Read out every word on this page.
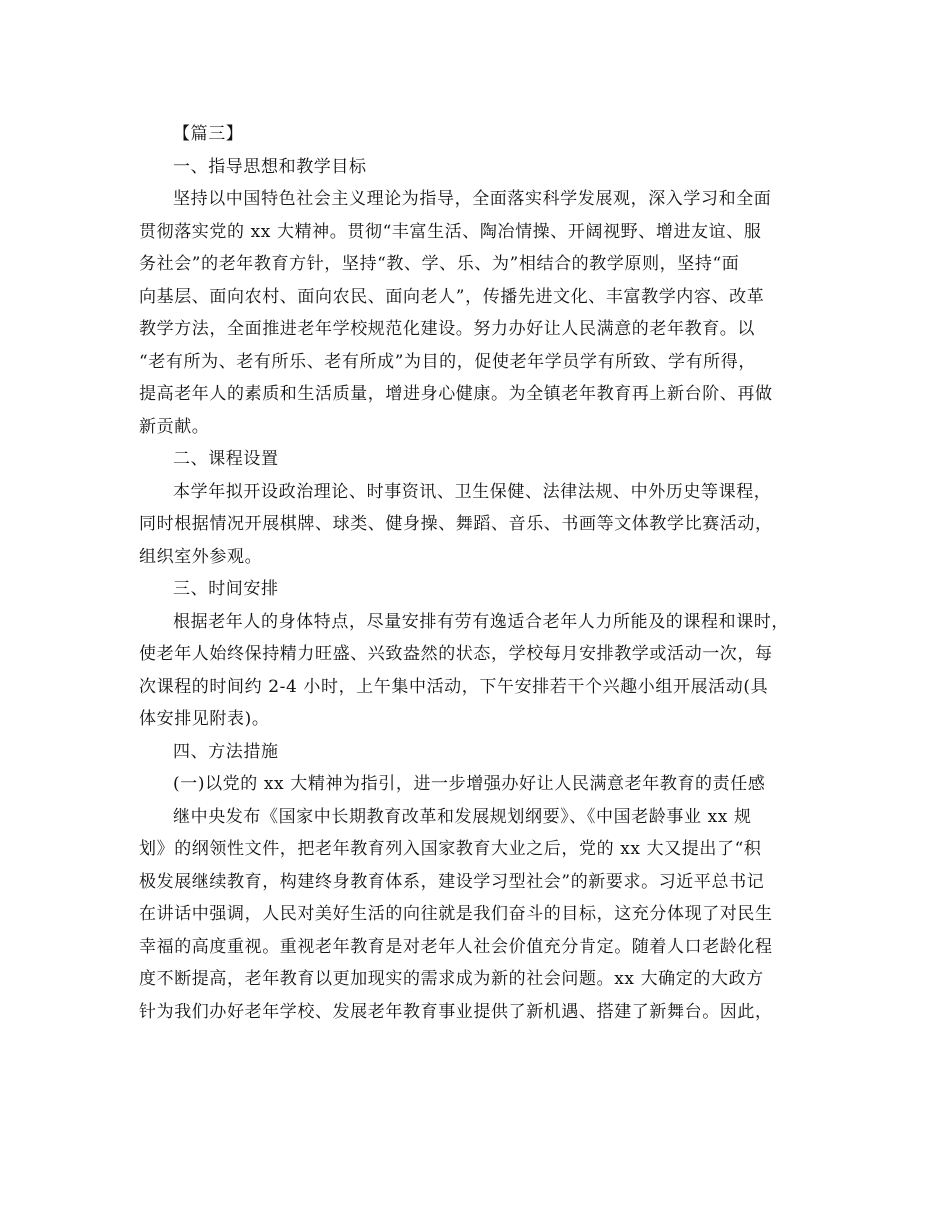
【篇三】
一、指导思想和教学目标
坚持以中国特色社会主义理论为指导，全面落实科学发展观，深入学习和全面
贯彻落实党的 xx 大精神。贯彻“丰富生活、陶冶情操、开阔视野、增进友谊、服
务社会”的老年教育方针，坚持“教、学、乐、为”相结合的教学原则，坚持“面
向基层、面向农村、面向农民、面向老人”，传播先进文化、丰富教学内容、改革
教学方法，全面推进老年学校规范化建设。努力办好让人民满意的老年教育。以
“老有所为、老有所乐、老有所成”为目的，促使老年学员学有所致、学有所得，
提高老年人的素质和生活质量，增进身心健康。为全镇老年教育再上新台阶、再做
新贡献。
二、课程设置
本学年拟开设政治理论、时事资讯、卫生保健、法律法规、中外历史等课程，
同时根据情况开展棋牌、球类、健身操、舞蹈、音乐、书画等文体教学比赛活动，
组织室外参观。
三、时间安排
根据老年人的身体特点，尽量安排有劳有逸适合老年人力所能及的课程和课时，
使老年人始终保持精力旺盛、兴致盎然的状态，学校每月安排教学或活动一次，每
次课程的时间约 2-4 小时，上午集中活动，下午安排若干个兴趣小组开展活动(具
体安排见附表)。
四、方法措施
(一)以党的 xx 大精神为指引，进一步增强办好让人民满意老年教育的责任感
继中央发布《国家中长期教育改革和发展规划纲要》、《中国老龄事业 xx 规
划》的纲领性文件，把老年教育列入国家教育大业之后，党的 xx 大又提出了“积
极发展继续教育，构建终身教育体系，建设学习型社会”的新要求。习近平总书记
在讲话中强调，人民对美好生活的向往就是我们奋斗的目标，这充分体现了对民生
幸福的高度重视。重视老年教育是对老年人社会价值充分肯定。随着人口老龄化程
度不断提高，老年教育以更加现实的需求成为新的社会问题。xx 大确定的大政方
针为我们办好老年学校、发展老年教育事业提供了新机遇、搭建了新舞台。因此，
